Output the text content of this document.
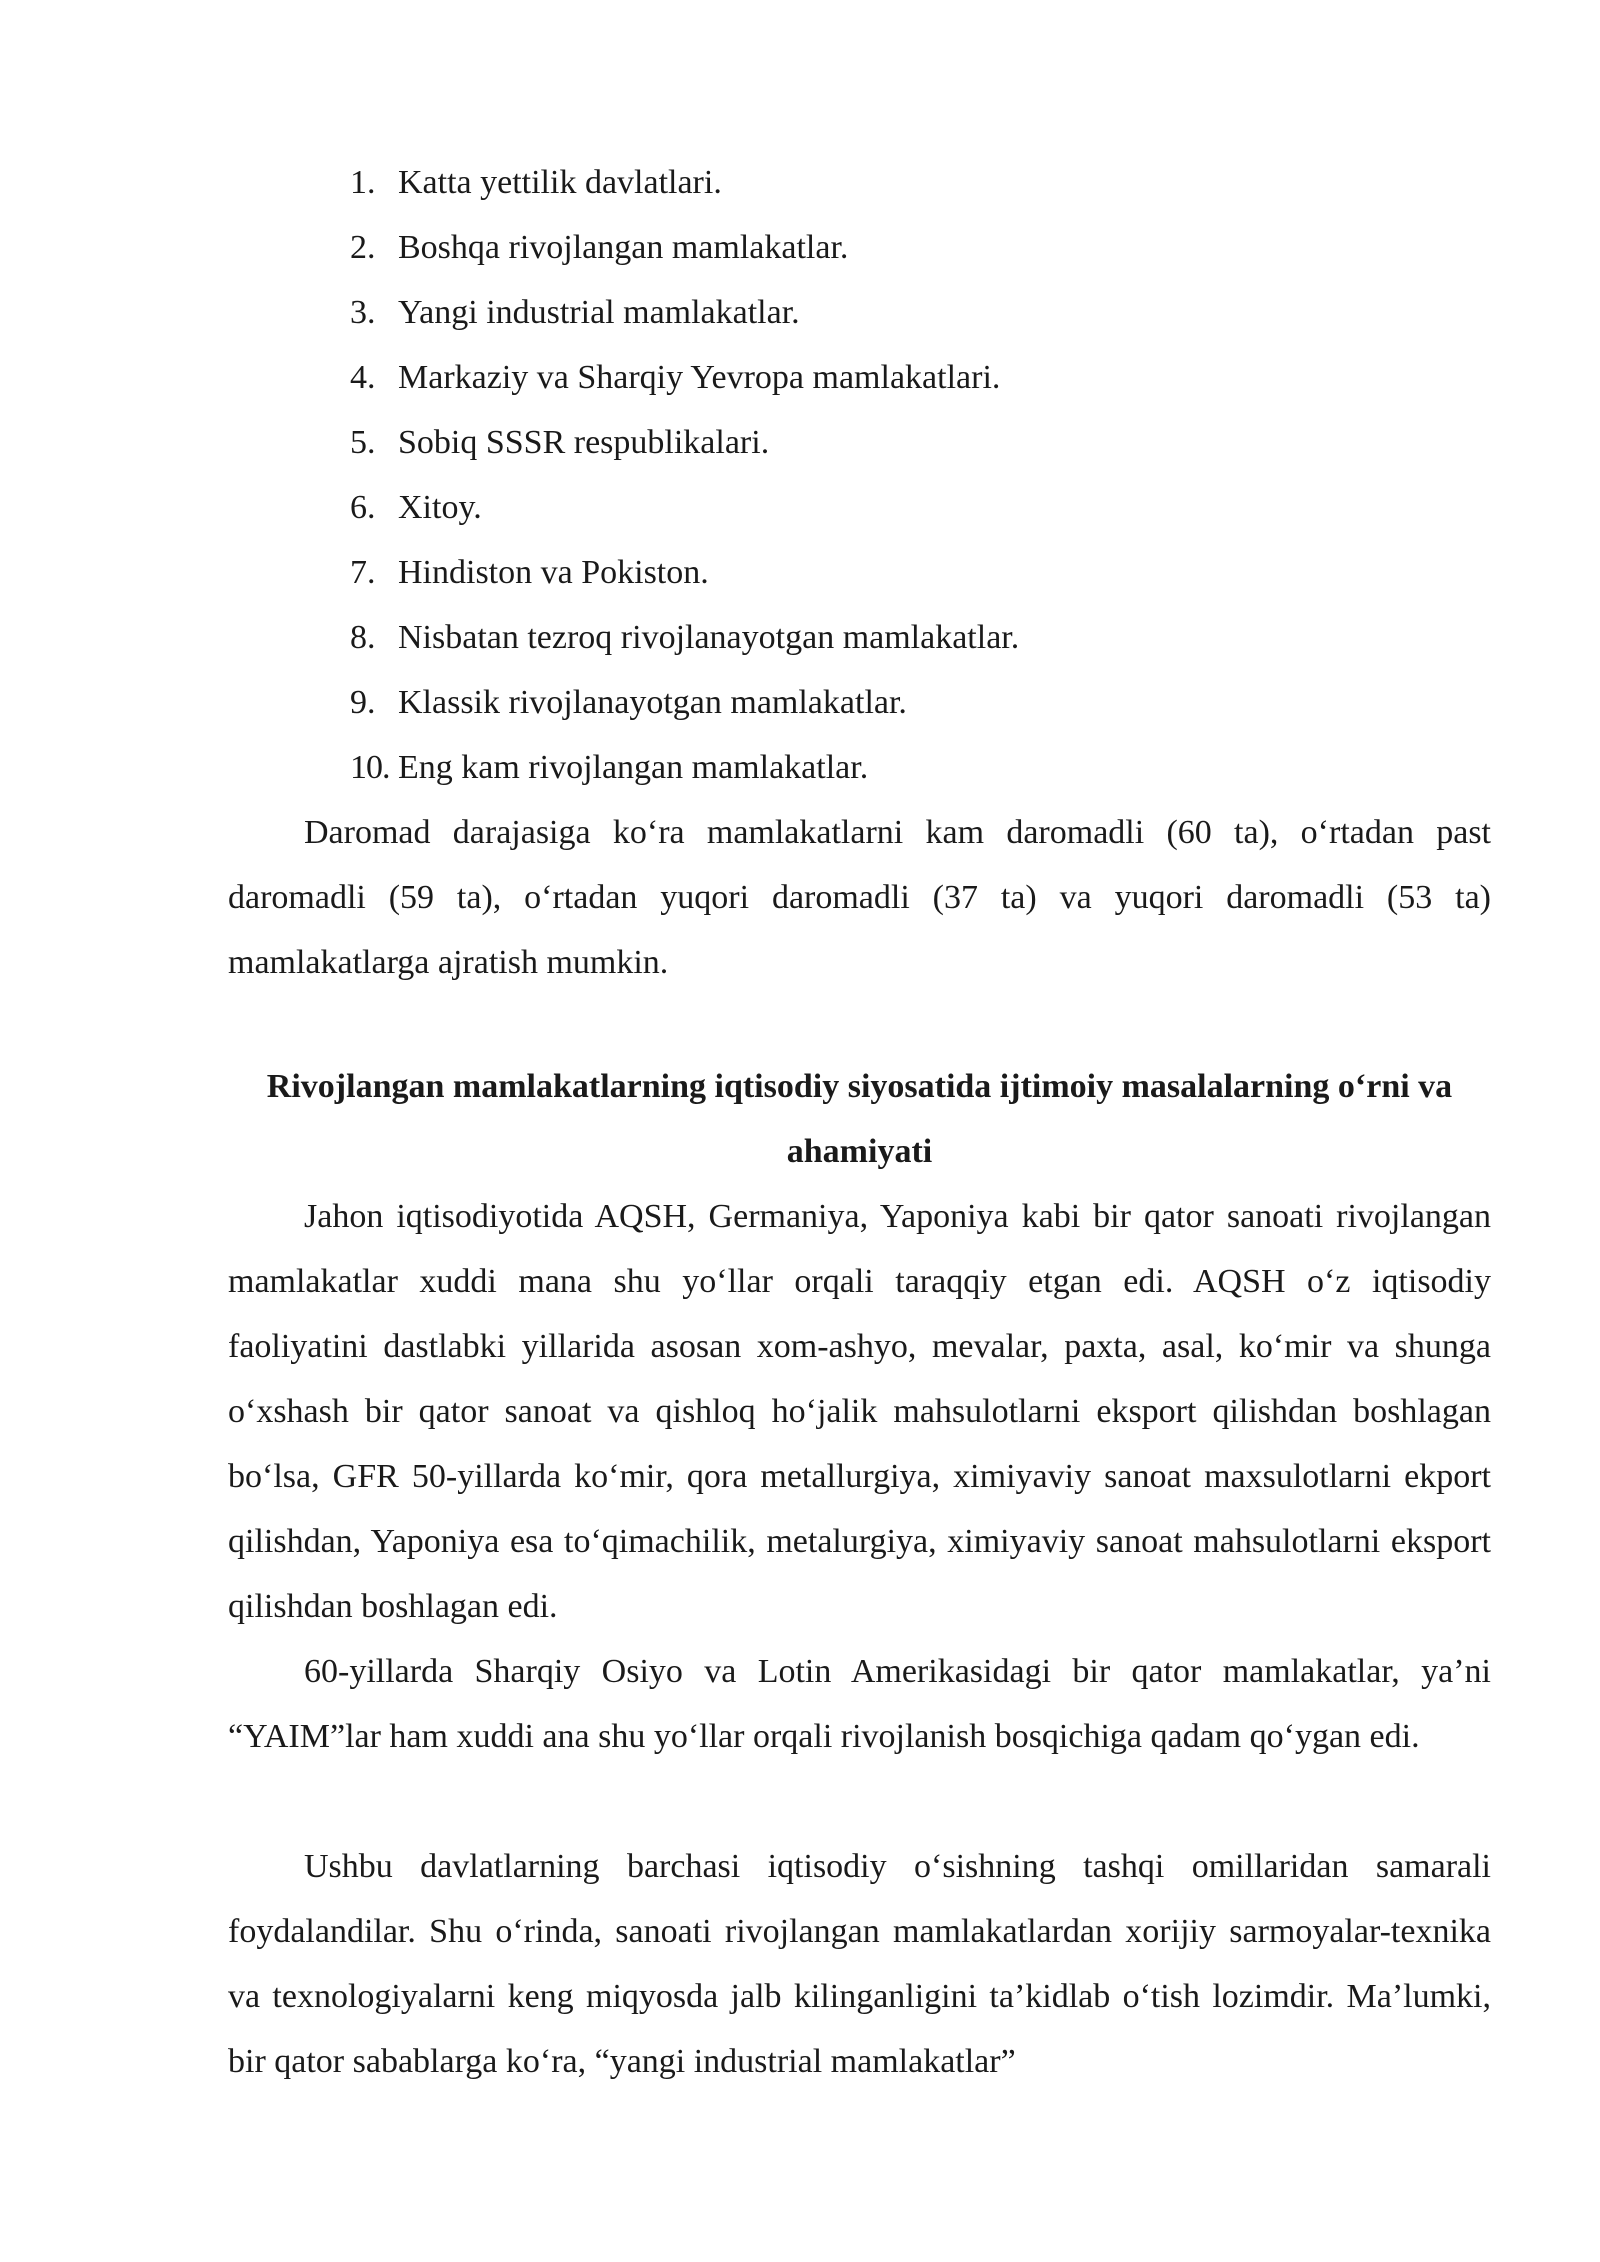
1. Katta yettilik davlatlari.
2. Boshqa rivojlangan mamlakatlar.
3. Yangi industrial mamlakatlar.
4. Markaziy va Sharqiy Yevropa mamlakatlari.
5. Sobiq SSSR respublikalari.
6. Xitoy.
7. Hindiston va Pokiston.
8. Nisbatan tezroq rivojlanayotgan mamlakatlar.
9. Klassik rivojlanayotgan mamlakatlar.
10. Eng kam rivojlangan mamlakatlar.

Daromad darajasiga ko‘ra mamlakatlarni kam daromadli (60 ta), o‘rtadan past daromadli (59 ta), o‘rtadan yuqori daromadli (37 ta) va yuqori daromadli (53 ta) mamlakatlarga ajratish mumkin.

Rivojlangan mamlakatlarning iqtisodiy siyosatida ijtimoiy masalalarning o‘rni va ahamiyati

Jahon iqtisodiyotida AQSH, Germaniya, Yaponiya kabi bir qator sanoati rivojlangan mamlakatlar xuddi mana shu yo‘llar orqali taraqqiy etgan edi. AQSH o‘z iqtisodiy faoliyatini dastlabki yillarida asosan xom-ashyo, mevalar, paxta, asal, ko‘mir va shunga o‘xshash bir qator sanoat va qishloq ho‘jalik mahsulotlarni eksport qilishdan boshlagan bo‘lsa, GFR 50-yillarda ko‘mir, qora metallurgiya, ximiyaviy sanoat maxsulotlarni ekport qilishdan, Yaponiya esa to‘qimachilik, metalurgiya, ximiyaviy sanoat mahsulotlarni eksport qilishdan boshlagan edi.

60-yillarda Sharqiy Osiyo va Lotin Amerikasidagi bir qator mamlakatlar, ya’ni “YAIM”lar ham xuddi ana shu yo‘llar orqali rivojlanish bosqichiga qadam qo‘ygan edi.

Ushbu davlatlarning barchasi iqtisodiy o‘sishning tashqi omillaridan samarali foydalandilar. Shu o‘rinda, sanoati rivojlangan mamlakatlardan xorijiy sarmoyalar-texnika va texnologiyalarni keng miqyosda jalb kilinganligini ta’kidlab o‘tish lozimdir. Ma’lumki, bir qator sabablarga ko‘ra, “yangi industrial mamlakatlar”
